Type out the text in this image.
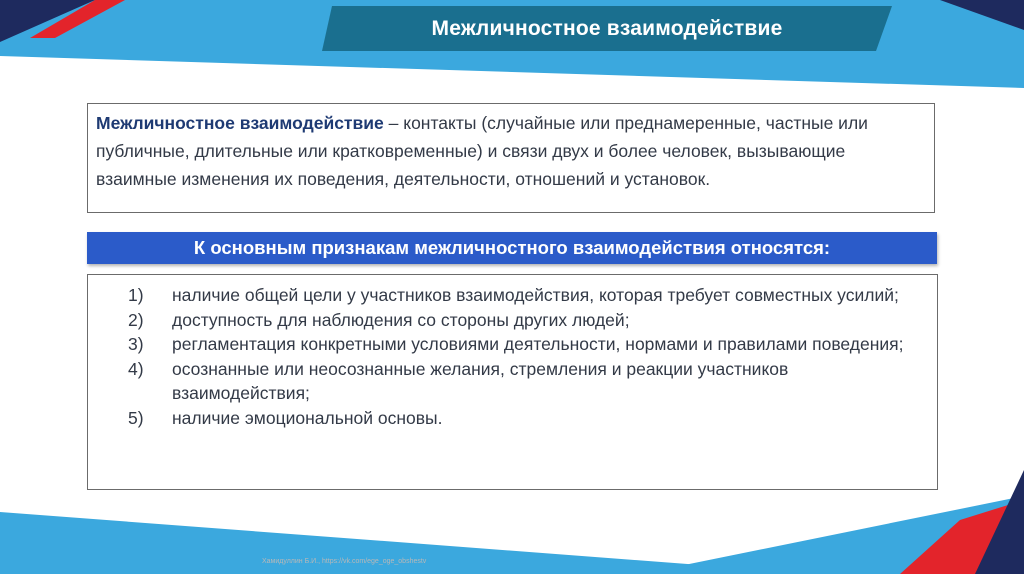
Межличностное взаимодействие
Межличностное взаимодействие – контакты (случайные или преднамеренные, частные или публичные, длительные или кратковременные) и связи двух и более человек, вызывающие взаимные изменения их поведения, деятельности, отношений и установок.
К основным признакам межличностного взаимодействия относятся:
1)	наличие общей цели у участников взаимодействия, которая требует совместных усилий;
2)	доступность для наблюдения со стороны других людей;
3)	регламентация конкретными условиями деятельности, нормами и правилами поведения;
4)	осознанные или неосознанные желания, стремления и реакции участников взаимодействия;
5)	наличие эмоциональной основы.
Хамидуллин Б.И., https://vk.com/ege_oge_obshestv
